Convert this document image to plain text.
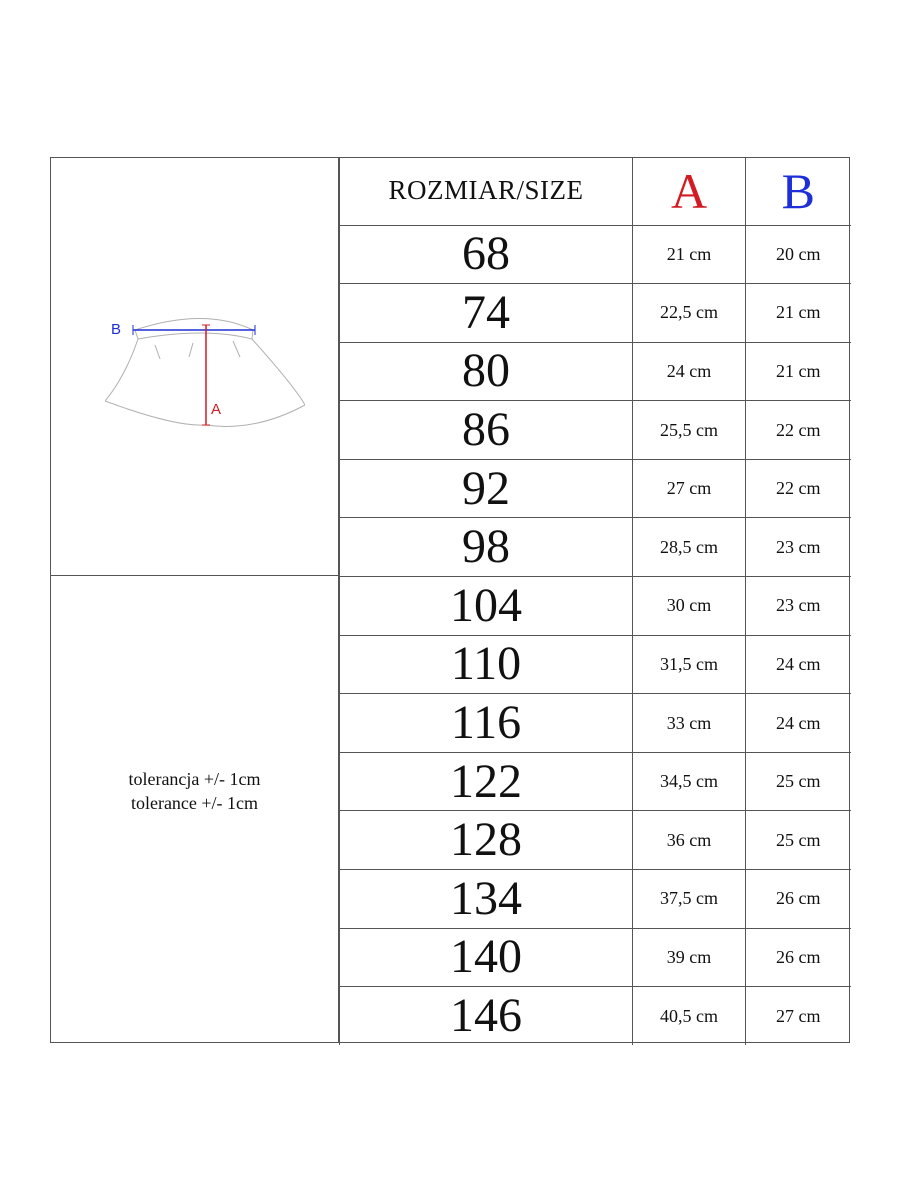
B
A
tolerancja +/- 1cm
tolerance +/- 1cm
ROZMIAR/SIZE	A	B
68	21 cm	20 cm
74	22,5 cm	21 cm
80	24 cm	21 cm
86	25,5 cm	22 cm
92	27 cm	22 cm
98	28,5 cm	23 cm
104	30 cm	23 cm
110	31,5 cm	24 cm
116	33 cm	24 cm
122	34,5 cm	25 cm
128	36 cm	25 cm
134	37,5 cm	26 cm
140	39 cm	26 cm
146	40,5 cm	27 cm
